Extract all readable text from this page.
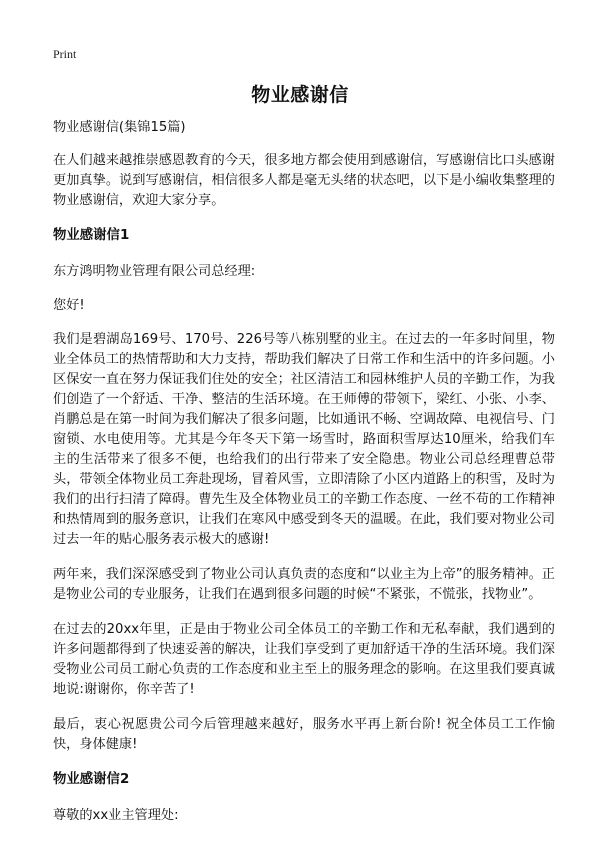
Print
物业感谢信
物业感谢信(集锦15篇)
在人们越来越推崇感恩教育的今天，很多地方都会使用到感谢信，写感谢信比口头感谢更加真挚。说到写感谢信，相信很多人都是毫无头绪的状态吧，以下是小编收集整理的物业感谢信，欢迎大家分享。
物业感谢信1
东方鸿明物业管理有限公司总经理:
您好!
我们是碧湖岛169号、170号、226号等八栋别墅的业主。在过去的一年多时间里，物业全体员工的热情帮助和大力支持，帮助我们解决了日常工作和生活中的许多问题。小区保安一直在努力保证我们住处的安全；社区清洁工和园林维护人员的辛勤工作，为我们创造了一个舒适、干净、整洁的生活环境。在王师傅的带领下，梁红、小张、小李、肖鹏总是在第一时间为我们解决了很多问题，比如通讯不畅、空调故障、电视信号、门窗锁、水电使用等。尤其是今年冬天下第一场雪时，路面积雪厚达10厘米，给我们车主的生活带来了很多不便，也给我们的出行带来了安全隐患。物业公司总经理曹总带头，带领全体物业员工奔赴现场，冒着风雪，立即清除了小区内道路上的积雪，及时为我们的出行扫清了障碍。曹先生及全体物业员工的辛勤工作态度、一丝不苟的工作精神和热情周到的服务意识，让我们在寒风中感受到冬天的温暖。在此，我们要对物业公司过去一年的贴心服务表示极大的感谢!
两年来，我们深深感受到了物业公司认真负责的态度和“以业主为上帝”的服务精神。正是物业公司的专业服务，让我们在遇到很多问题的时候“不紧张，不慌张，找物业”。
在过去的20xx年里，正是由于物业公司全体员工的辛勤工作和无私奉献，我们遇到的许多问题都得到了快速妥善的解决，让我们享受到了更加舒适干净的生活环境。我们深受物业公司员工耐心负责的工作态度和业主至上的服务理念的影响。在这里我们要真诚地说:谢谢你，你辛苦了!
最后，衷心祝愿贵公司今后管理越来越好，服务水平再上新台阶! 祝全体员工工作愉快，身体健康!
物业感谢信2
尊敬的xx业主管理处:
